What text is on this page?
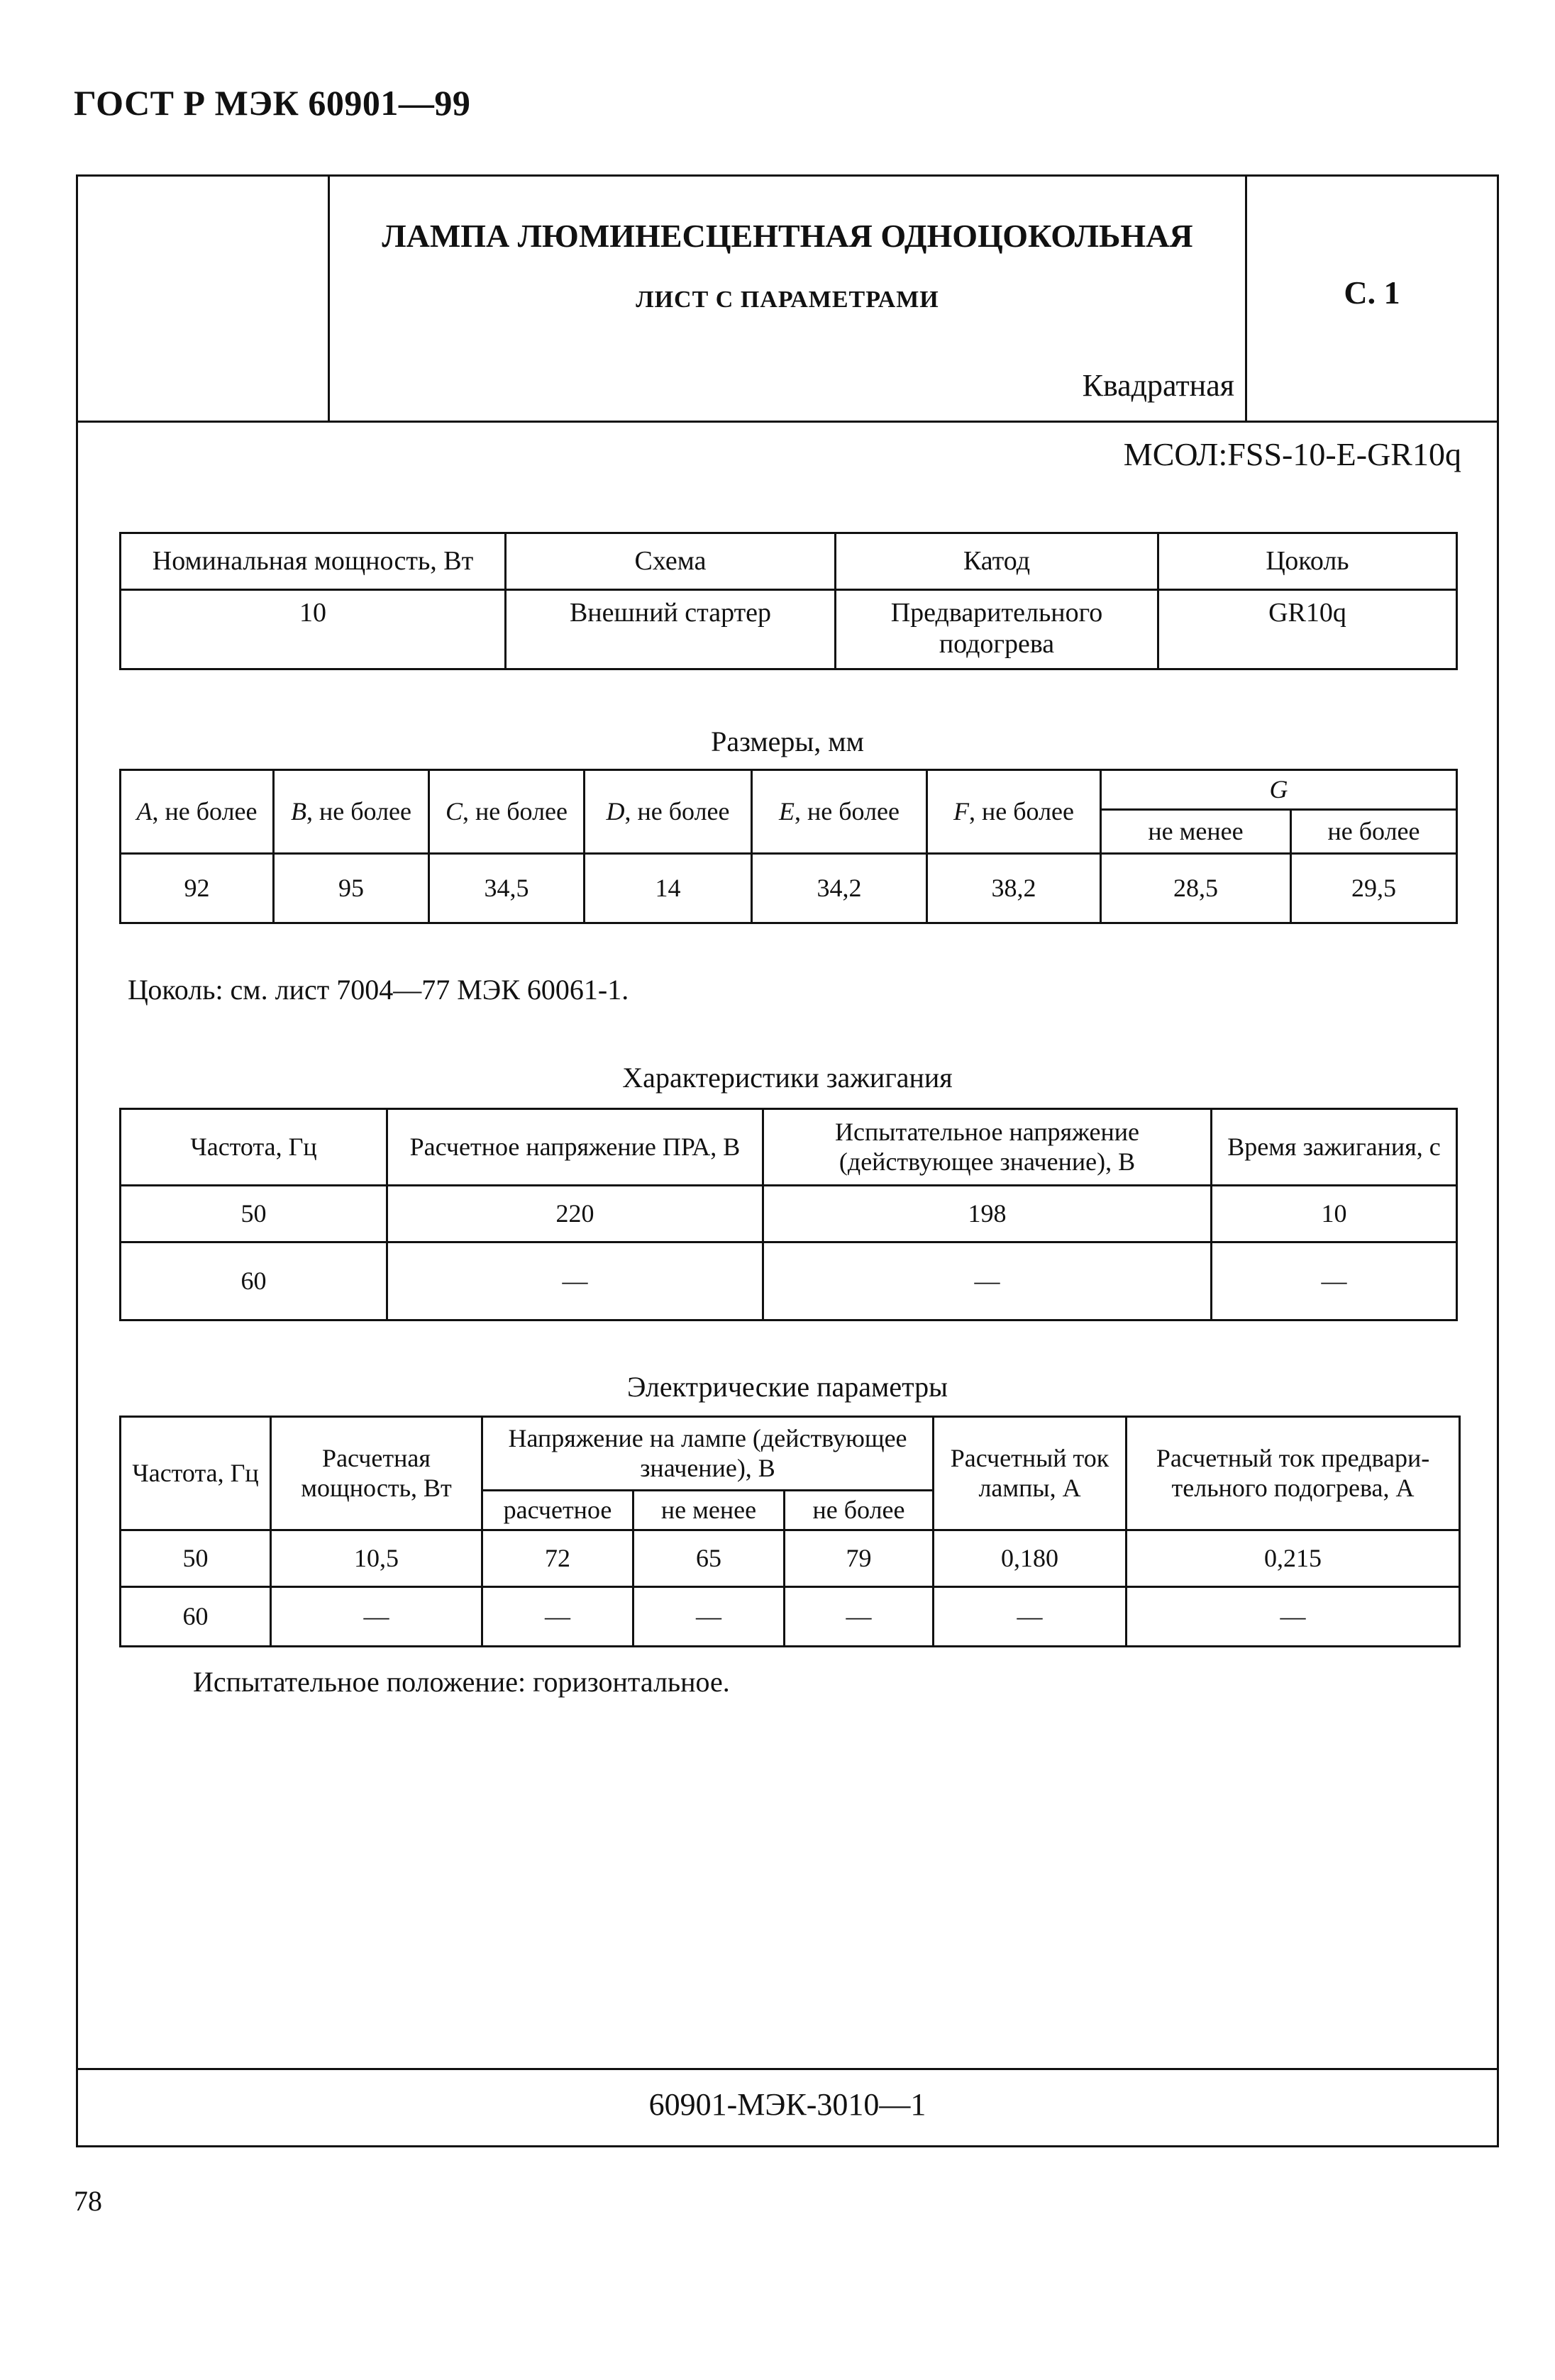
ГОСТ Р МЭК 60901—99
ЛАМПА ЛЮМИНЕСЦЕНТНАЯ ОДНОЦОКОЛЬНАЯ
ЛИСТ С ПАРАМЕТРАМИ
Квадратная
С. 1
МСОЛ:FSS-10-E-GR10q
Номинальная мощность, Вт	Схема	Катод	Цоколь
10	Внешний стартер	Предварительного подогрева	GR10q
Размеры, мм
A, не более	B, не более	C, не более	D, не более	E, не более	F, не более	G	
						не менее	не более
92	95	34,5	14	34,2	38,2	28,5	29,5
Цоколь: см. лист 7004—77 МЭК 60061-1.
Характеристики зажигания
Частота, Гц	Расчетное напряжение ПРА, В	Испытательное напряжение (действующее значение), В	Время зажигания, с
50	220	198	10
60	—	—	—
Электрические параметры
Частота, Гц	Расчетная мощность, Вт	Напряжение на лампе (действующее значение), В			Расчетный ток лампы, А	Расчетный ток предвари-тельного подогрева, А
		расчетное	не менее	не более		
50	10,5	72	65	79	0,180	0,215
60	—	—	—	—	—	—
Испытательное положение: горизонтальное.
60901-МЭК-3010—1
78
